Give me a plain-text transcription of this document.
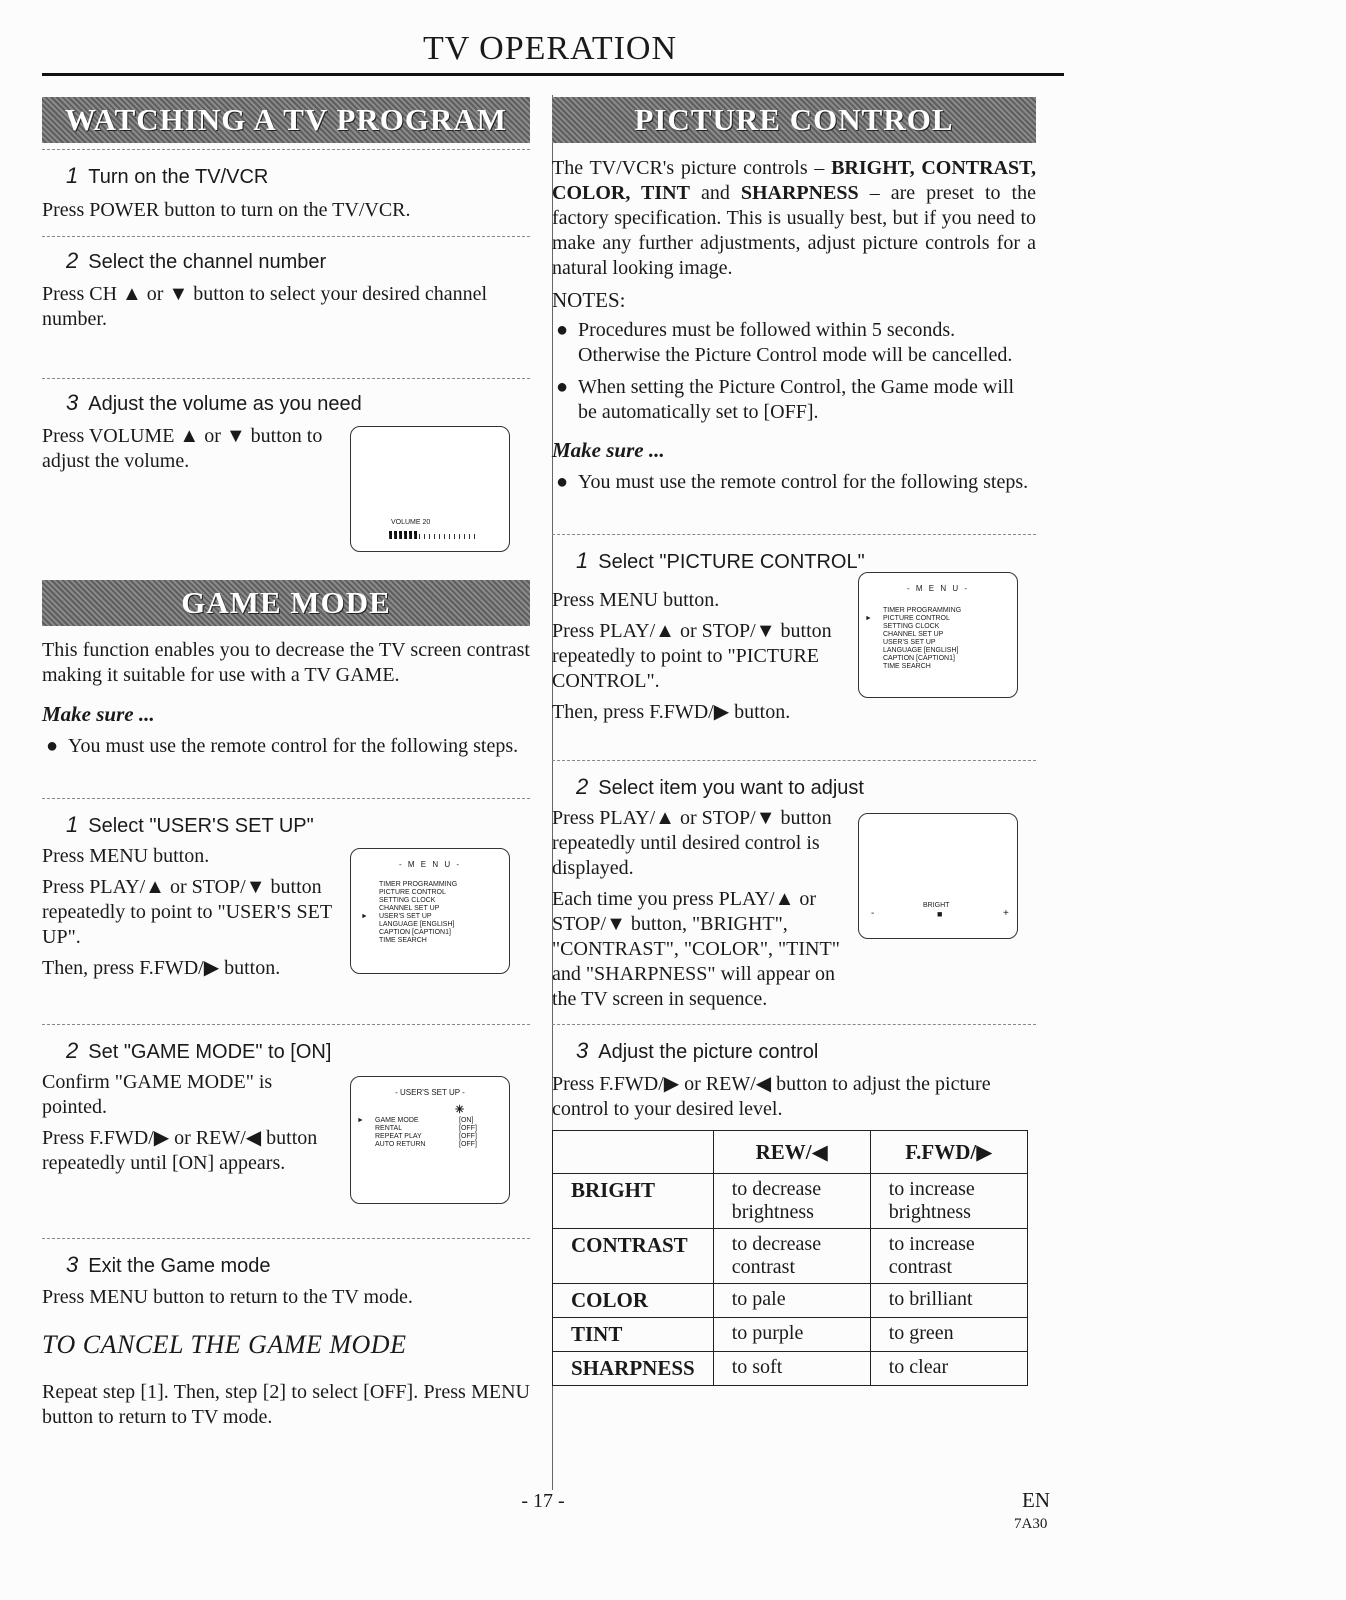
TV OPERATION
WATCHING A TV PROGRAM
1 Turn on the TV/VCR
Press POWER button to turn on the TV/VCR.
2 Select the channel number
Press CH ▲ or ▼ button to select your desired channel number.
3 Adjust the volume as you need
Press VOLUME ▲ or ▼ button to adjust the volume.
VOLUME 20
GAME MODE
This function enables you to decrease the TV screen contrast making it suitable for use with a TV GAME.
Make sure ...
● You must use the remote control for the following steps.
1 Select "USER'S SET UP"
Press MENU button.
Press PLAY/▲ or STOP/▼ button repeatedly to point to "USER'S SET UP".
Then, press F.FWD/▶ button.
- M E N U -
►
TIMER PROGRAMMING
PICTURE CONTROL
SETTING CLOCK
CHANNEL SET UP
USER'S SET UP
LANGUAGE [ENGLISH]
CAPTION [CAPTION1]
TIME SEARCH
2 Set "GAME MODE" to [ON]
Confirm "GAME MODE" is pointed.
Press F.FWD/▶ or REW/◀ button repeatedly until [ON] appears.
- USER'S SET UP -
► GAME MODE
RENTAL
REPEAT PLAY
AUTO RETURN
[ON]
[OFF]
[OFF]
[OFF]
✳
3 Exit the Game mode
Press MENU button to return to the TV mode.
TO CANCEL THE GAME MODE
Repeat step [1]. Then, step [2] to select [OFF]. Press MENU button to return to TV mode.
PICTURE CONTROL
The TV/VCR's picture controls – BRIGHT, CONTRAST, COLOR, TINT and SHARPNESS – are preset to the factory specification. This is usually best, but if you need to make any further adjustments, adjust picture controls for a natural looking image.
NOTES:
● Procedures must be followed within 5 seconds. Otherwise the Picture Control mode will be cancelled.
● When setting the Picture Control, the Game mode will be automatically set to [OFF].
Make sure ...
● You must use the remote control for the following steps.
1 Select "PICTURE CONTROL"
Press MENU button.
Press PLAY/▲ or STOP/▼ button repeatedly to point to "PICTURE CONTROL".
Then, press F.FWD/▶ button.
- M E N U -
►
TIMER PROGRAMMING
PICTURE CONTROL
SETTING CLOCK
CHANNEL SET UP
USER'S SET UP
LANGUAGE [ENGLISH]
CAPTION [CAPTION1]
TIME SEARCH
2 Select item you want to adjust
Press PLAY/▲ or STOP/▼ button repeatedly until desired control is displayed.
Each time you press PLAY/▲ or STOP/▼ button, "BRIGHT", "CONTRAST", "COLOR", "TINT" and "SHARPNESS" will appear on the TV screen in sequence.
BRIGHT
■
-	+
3 Adjust the picture control
Press F.FWD/▶ or REW/◀ button to adjust the picture control to your desired level.
	REW/◀	F.FWD/▶
BRIGHT	to decrease brightness	to increase brightness
CONTRAST	to decrease contrast	to increase contrast
COLOR	to pale	to brilliant
TINT	to purple	to green
SHARPNESS	to soft	to clear
- 17 -	EN
7A30
